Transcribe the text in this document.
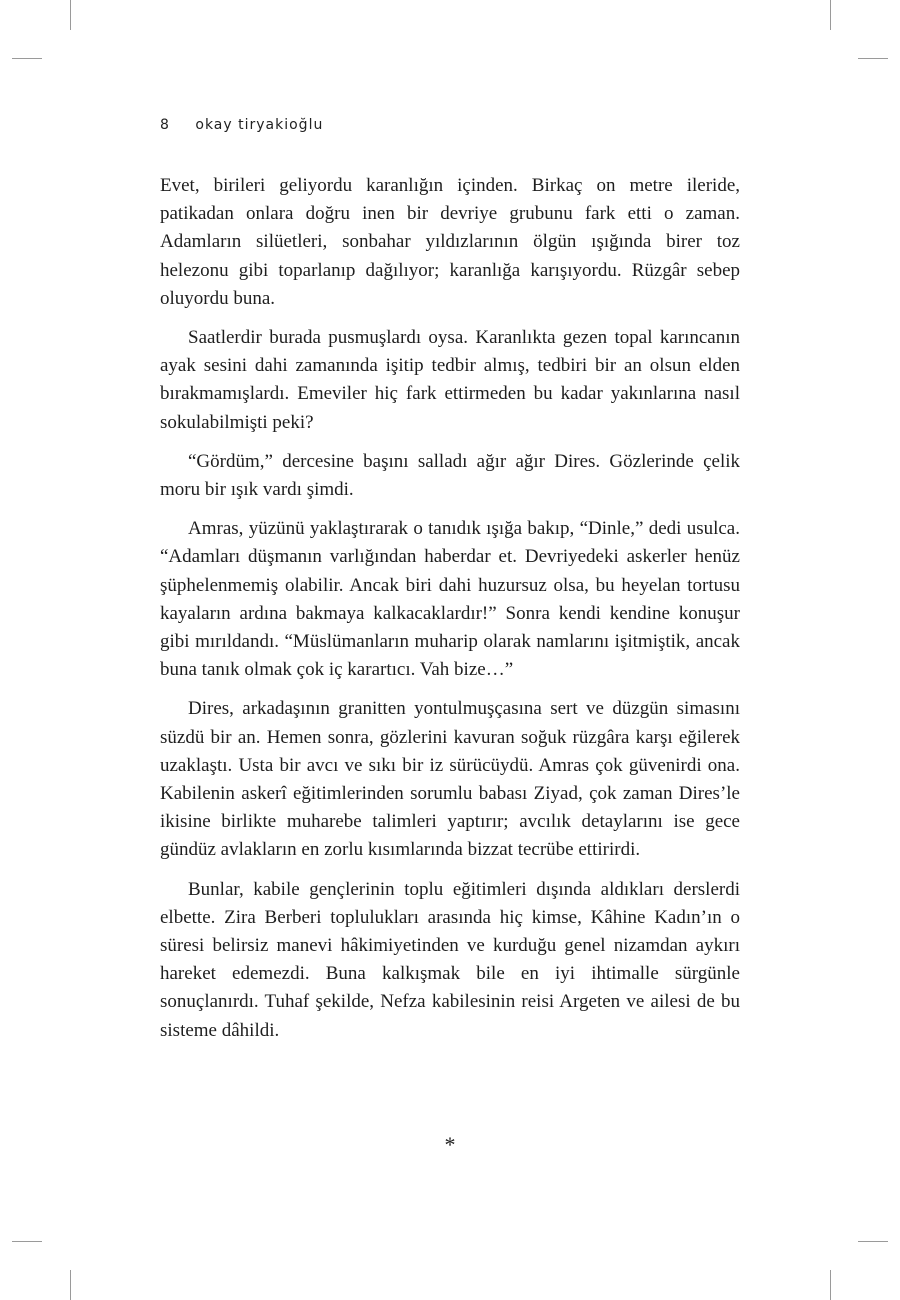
8 okay tiryakioğlu

Evet, birileri geliyordu karanlığın içinden. Birkaç on metre ileride, patikadan onlara doğru inen bir devriye grubunu fark etti o zaman. Adamların silüetleri, sonbahar yıldızlarının ölgün ışığında birer toz helezonu gibi toparlanıp dağılıyor; karanlığa karışıyordu. Rüzgâr sebep oluyordu buna.

Saatlerdir burada pusmuşlardı oysa. Karanlıkta gezen topal karıncanın ayak sesini dahi zamanında işitip tedbir almış, tedbiri bir an olsun elden bırakmamışlardı. Emeviler hiç fark ettirmeden bu kadar yakınlarına nasıl sokulabilmişti peki?

“Gördüm,” dercesine başını salladı ağır ağır Dires. Gözlerinde çelik moru bir ışık vardı şimdi.

Amras, yüzünü yaklaştırarak o tanıdık ışığa bakıp, “Dinle,” dedi usulca. “Adamları düşmanın varlığından haberdar et. Devriyedeki askerler henüz şüphelenmemiş olabilir. Ancak biri dahi huzursuz olsa, bu heyelan tortusu kayaların ardına bakmaya kalkacaklardır!” Sonra kendi kendine konuşur gibi mırıldandı. “Müslümanların muharip olarak namlarını işitmiştik, ancak buna tanık olmak çok iç karartıcı. Vah bize…”

Dires, arkadaşının granitten yontulmuşçasına sert ve düzgün simasını süzdü bir an. Hemen sonra, gözlerini kavuran soğuk rüzgâra karşı eğilerek uzaklaştı. Usta bir avcı ve sıkı bir iz sürücüydü. Amras çok güvenirdi ona. Kabilenin askerî eğitimlerinden sorumlu babası Ziyad, çok zaman Dires’le ikisine birlikte muharebe talimleri yaptırır; avcılık detaylarını ise gece gündüz avlakların en zorlu kısımlarında bizzat tecrübe ettirirdi.

Bunlar, kabile gençlerinin toplu eğitimleri dışında aldıkları derslerdi elbette. Zira Berberi toplulukları arasında hiç kimse, Kâhine Kadın’ın o süresi belirsiz manevi hâkimiyetinden ve kurduğu genel nizamdan aykırı hareket edemezdi. Buna kalkışmak bile en iyi ihtimalle sürgünle sonuçlanırdı. Tuhaf şekilde, Nefza kabilesinin reisi Argeten ve ailesi de bu sisteme dâhildi.

*
